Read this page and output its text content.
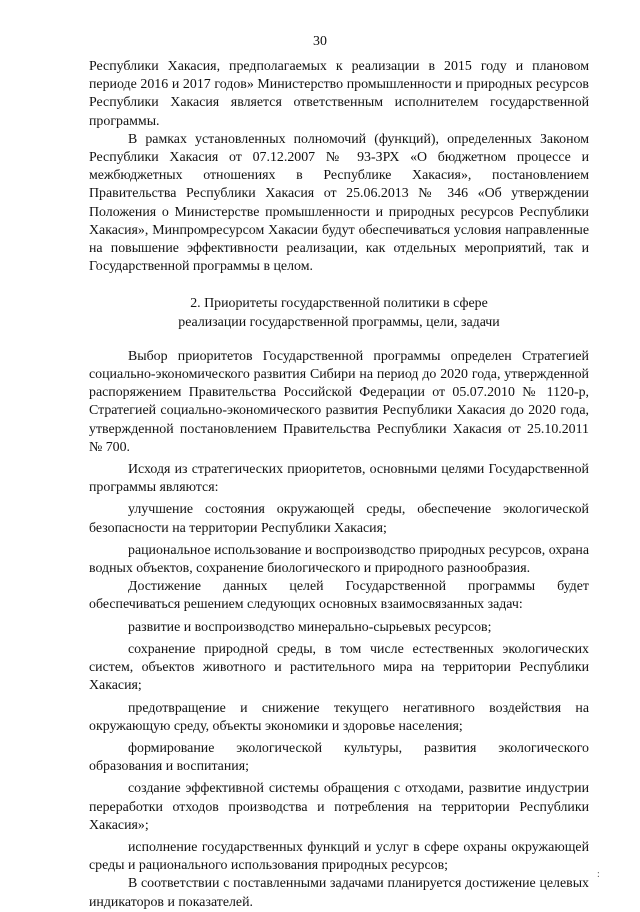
30

Республики Хакасия, предполагаемых к реализации в 2015 году и плановом периоде 2016 и 2017 годов» Министерство промышленности и природных ресурсов Республики Хакасия является ответственным исполнителем государственной программы.

В рамках установленных полномочий (функций), определенных Законом Республики Хакасия от 07.12.2007 № 93-ЗРХ «О бюджетном процессе и межбюджетных отношениях в Республике Хакасия», постановлением Правительства Республики Хакасия от 25.06.2013 № 346 «Об утверждении Положения о Министерстве промышленности и природных ресурсов Республики Хакасия», Минпромресурсом Хакасии будут обеспечиваться условия направленные на повышение эффективности реализации, как отдельных мероприятий, так и Государственной программы в целом.

2. Приоритеты государственной политики в сфере
реализации государственной программы, цели, задачи

Выбор приоритетов Государственной программы определен Стратегией социально-экономического развития Сибири на период до 2020 года, утвержденной распоряжением Правительства Российской Федерации от 05.07.2010 № 1120-р, Стратегией социально-экономического развития Республики Хакасия до 2020 года, утвержденной постановлением Правительства Республики Хакасия от 25.10.2011 № 700.

Исходя из стратегических приоритетов, основными целями Государственной программы являются:

улучшение состояния окружающей среды, обеспечение экологической безопасности на территории Республики Хакасия;

рациональное использование и воспроизводство природных ресурсов, охрана водных объектов, сохранение биологического и природного разнообразия.

Достижение данных целей Государственной программы будет обеспечиваться решением следующих основных взаимосвязанных задач:

развитие и воспроизводство минерально-сырьевых ресурсов;

сохранение природной среды, в том числе естественных экологических систем, объектов животного и растительного мира на территории Республики Хакасия;

предотвращение и снижение текущего негативного воздействия на окружающую среду, объекты экономики и здоровье населения;

формирование экологической культуры, развития экологического образования и воспитания;

создание эффективной системы обращения с отходами, развитие индустрии переработки отходов производства и потребления на территории Республики Хакасия»;

исполнение государственных функций и услуг в сфере охраны окружающей среды и рационального использования природных ресурсов;

В соответствии с поставленными задачами планируется достижение целевых индикаторов и показателей.

:
